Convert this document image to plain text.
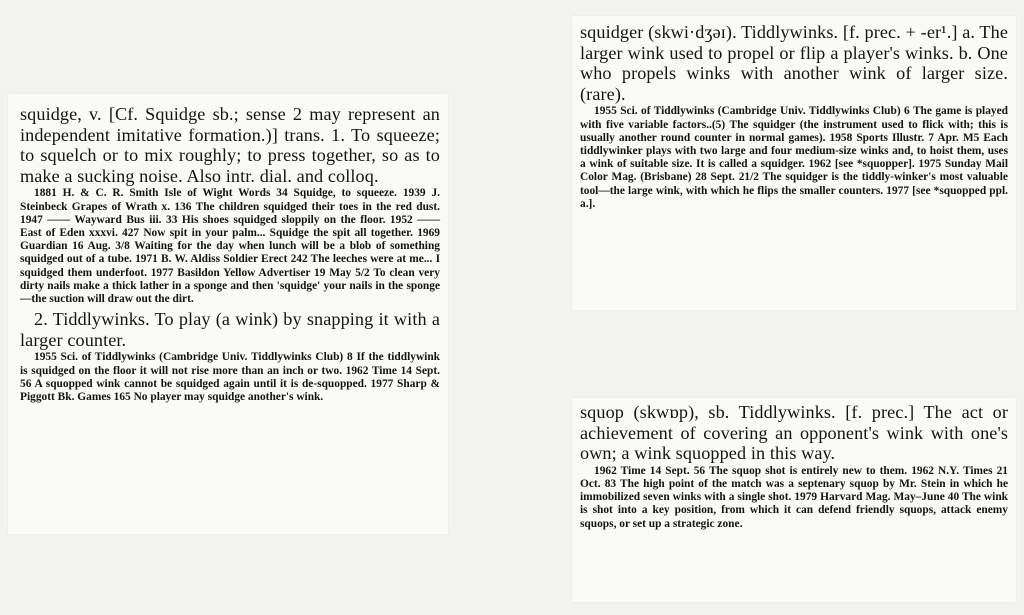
squidge, v. [Cf. Squidge sb.; sense 2 may represent an independent imitative formation.)] trans. 1. To squeeze; to squelch or to mix roughly; to press together, so as to make a sucking noise. Also intr. dial. and colloq.

1881 H. & C. R. Smith Isle of Wight Words 34 Squidge, to squeeze. 1939 J. Steinbeck Grapes of Wrath x. 136 The children squidged their toes in the red dust. 1947 —— Wayward Bus iii. 33 His shoes squidged sloppily on the floor. 1952 —— East of Eden xxxvi. 427 Now spit in your palm... Squidge the spit all together. 1969 Guardian 16 Aug. 3/8 Waiting for the day when lunch will be a blob of something squidged out of a tube. 1971 B. W. Aldiss Soldier Erect 242 The leeches were at me... I squidged them underfoot. 1977 Basildon Yellow Advertiser 19 May 5/2 To clean very dirty nails make a thick lather in a sponge and then 'squidge' your nails in the sponge—the suction will draw out the dirt.

2. Tiddlywinks. To play (a wink) by snapping it with a larger counter.

1955 Sci. of Tiddlywinks (Cambridge Univ. Tiddlywinks Club) 8 If the tiddlywink is squidged on the floor it will not rise more than an inch or two. 1962 Time 14 Sept. 56 A squopped wink cannot be squidged again until it is de-squopped. 1977 Sharp & Piggott Bk. Games 165 No player may squidge another's wink.

squidger (skwi·dʒəɪ). Tiddlywinks. [f. prec. + -er¹.] a. The larger wink used to propel or flip a player's winks. b. One who propels winks with another wink of larger size. (rare).

1955 Sci. of Tiddlywinks (Cambridge Univ. Tiddlywinks Club) 6 The game is played with five variable factors..(5) The squidger (the instrument used to flick with; this is usually another round counter in normal games). 1958 Sports Illustr. 7 Apr. M5 Each tiddlywinker plays with two large and four medium-size winks and, to hoist them, uses a wink of suitable size. It is called a squidger. 1962 [see *squopper]. 1975 Sunday Mail Color Mag. (Brisbane) 28 Sept. 21/2 The squidger is the tiddly-winker's most valuable tool—the large wink, with which he flips the smaller counters. 1977 [see *squopped ppl. a.].

squop (skwɒp), sb. Tiddlywinks. [f. prec.] The act or achievement of covering an opponent's wink with one's own; a wink squopped in this way.

1962 Time 14 Sept. 56 The squop shot is entirely new to them. 1962 N.Y. Times 21 Oct. 83 The high point of the match was a septenary squop by Mr. Stein in which he immobilized seven winks with a single shot. 1979 Harvard Mag. May–June 40 The wink is shot into a key position, from which it can defend friendly squops, attack enemy squops, or set up a strategic zone.
